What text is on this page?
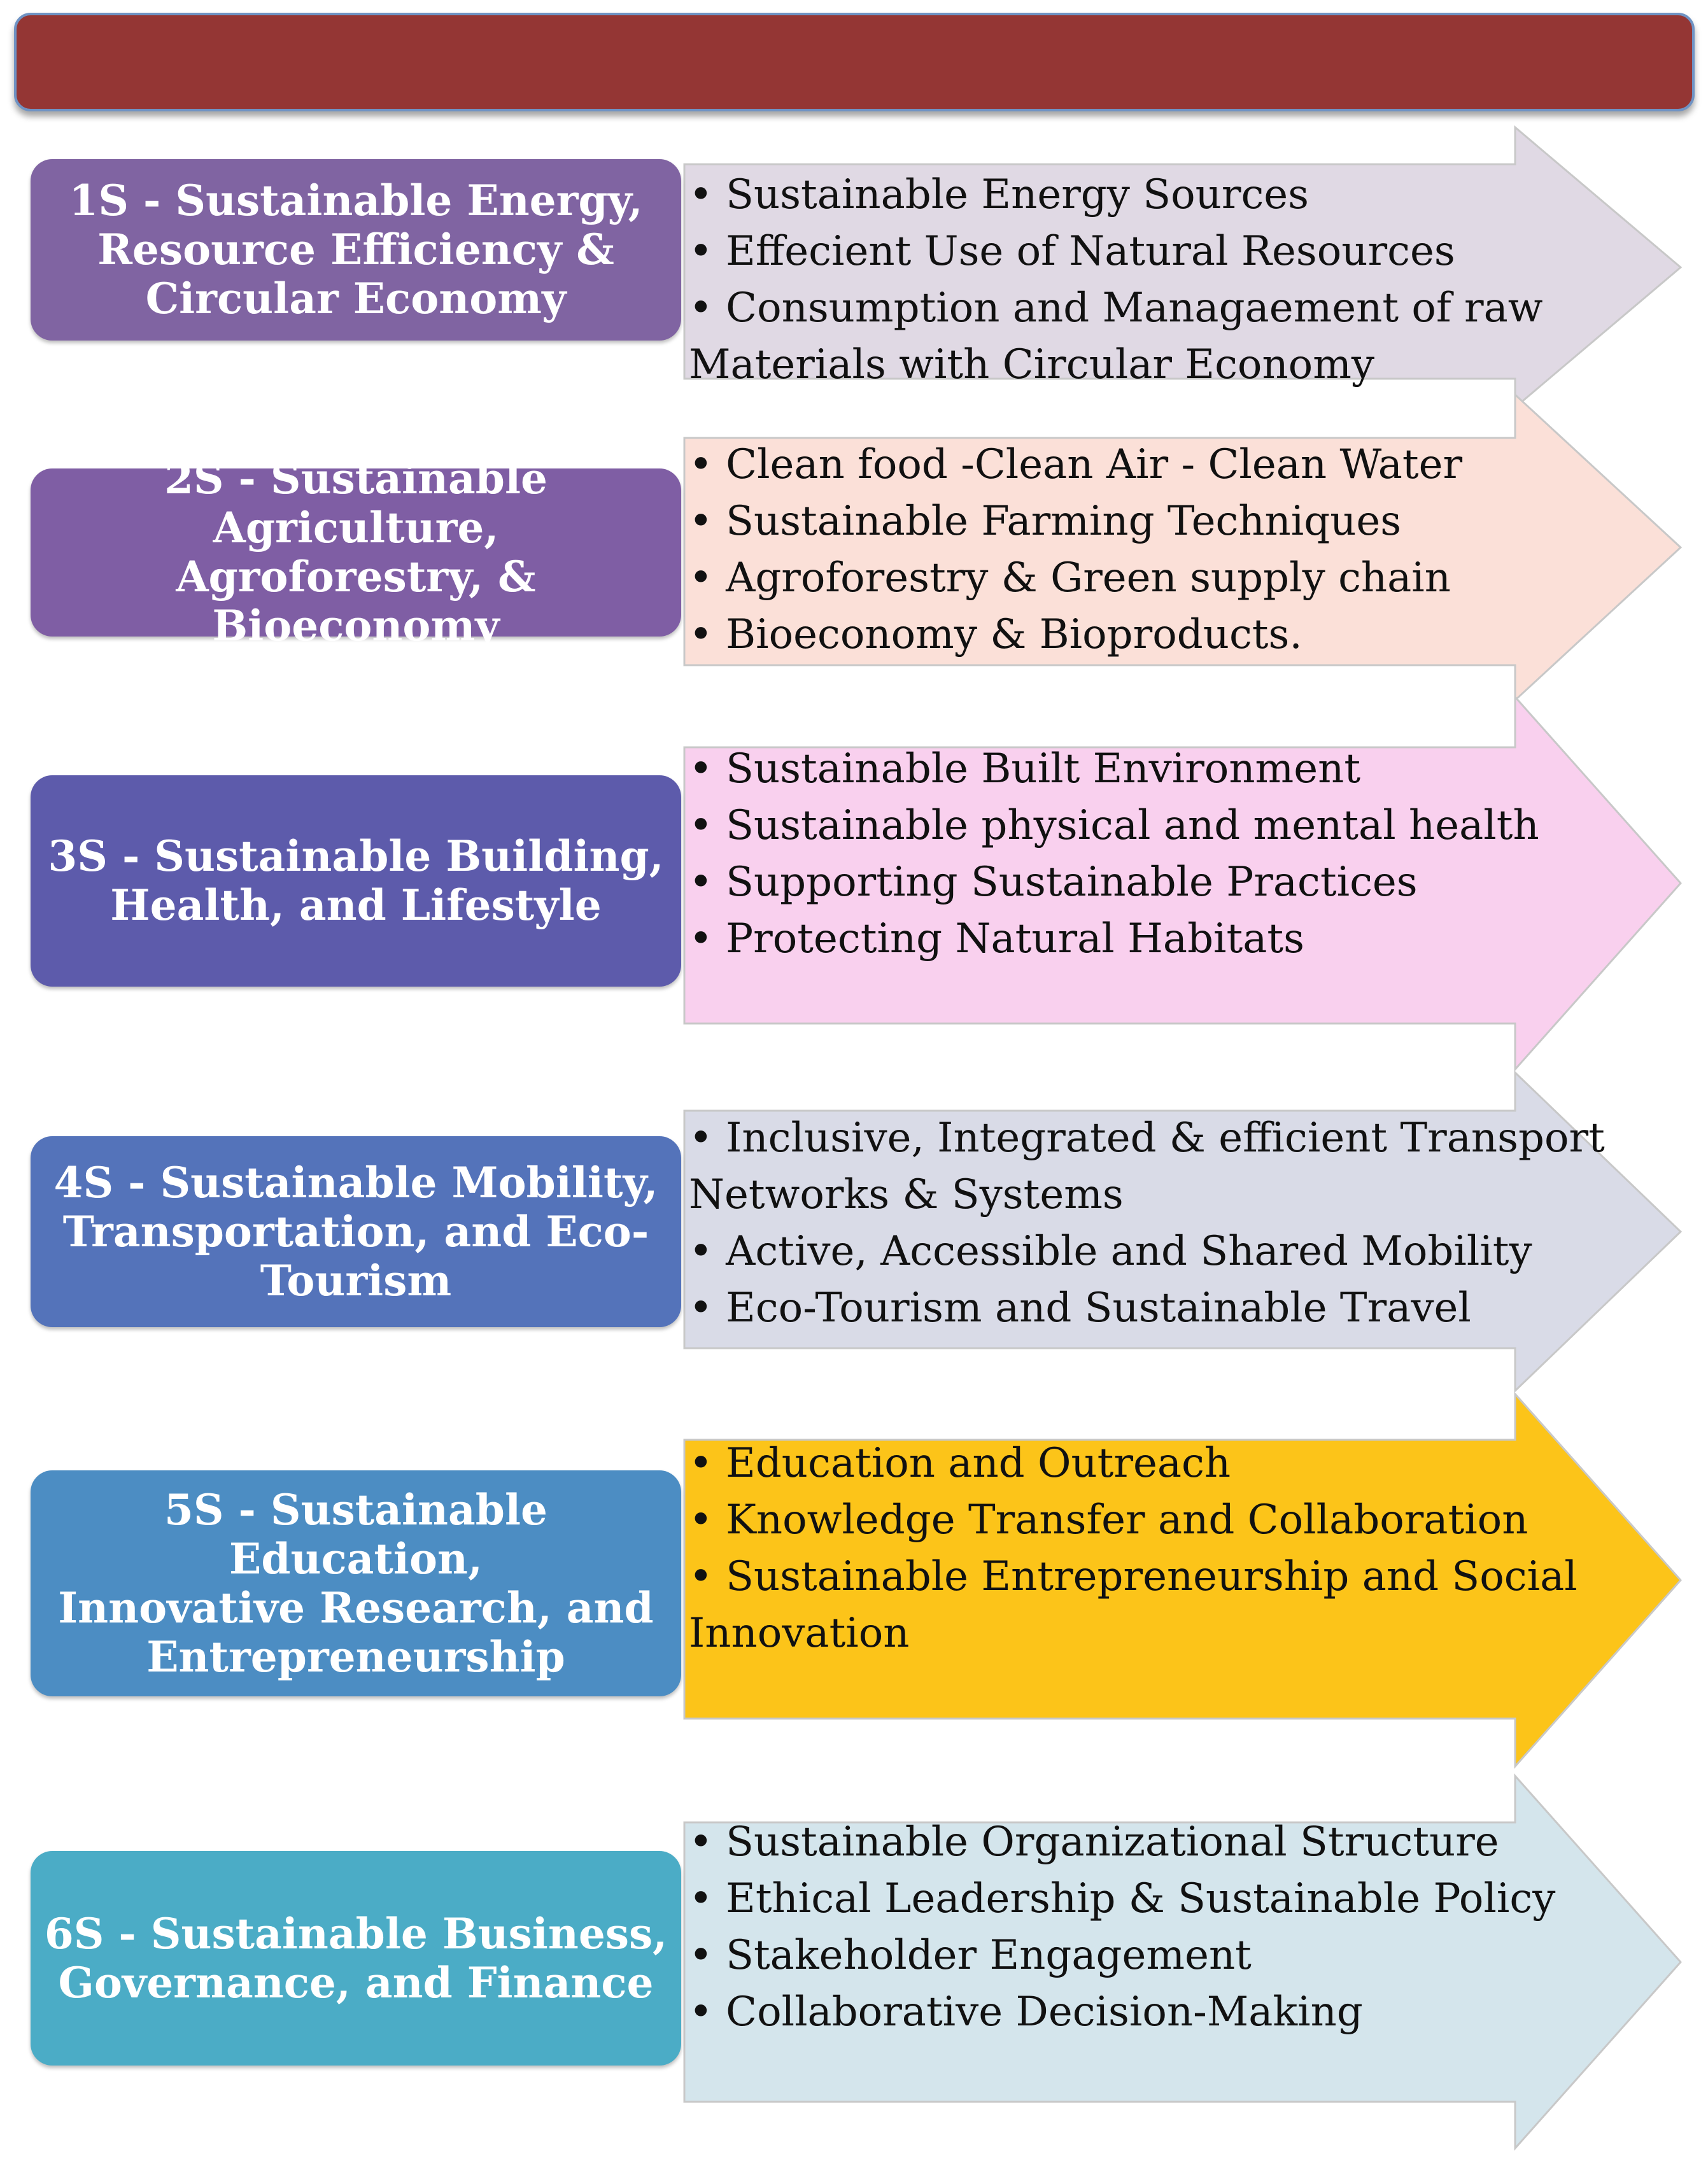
1S - Sustainable Energy,
Resource Efficiency &
Circular Economy
• Sustainable Energy Sources
• Effecient Use of Natural Resources
• Consumption and Managaement of raw
Materials with Circular Economy
2S - Sustainable Agriculture,
Agroforestry, & Bioeconomy
• Clean food -Clean Air - Clean Water
• Sustainable Farming Techniques
• Agroforestry & Green supply chain
• Bioeconomy & Bioproducts.
3S - Sustainable Building,
Health, and Lifestyle
• Sustainable Built Environment
• Sustainable physical and mental health
• Supporting Sustainable Practices
• Protecting Natural Habitats
4S - Sustainable Mobility,
Transportation, and Eco-
Tourism
• Inclusive, Integrated & efficient Transport
Networks & Systems
• Active, Accessible and Shared Mobility
• Eco-Tourism and Sustainable Travel
5S - Sustainable Education,
Innovative Research, and
Entrepreneurship
• Education and Outreach
• Knowledge Transfer and Collaboration
• Sustainable Entrepreneurship and Social
Innovation
6S - Sustainable Business,
Governance, and Finance
• Sustainable Organizational Structure
• Ethical Leadership & Sustainable Policy
• Stakeholder Engagement
• Collaborative Decision-Making
